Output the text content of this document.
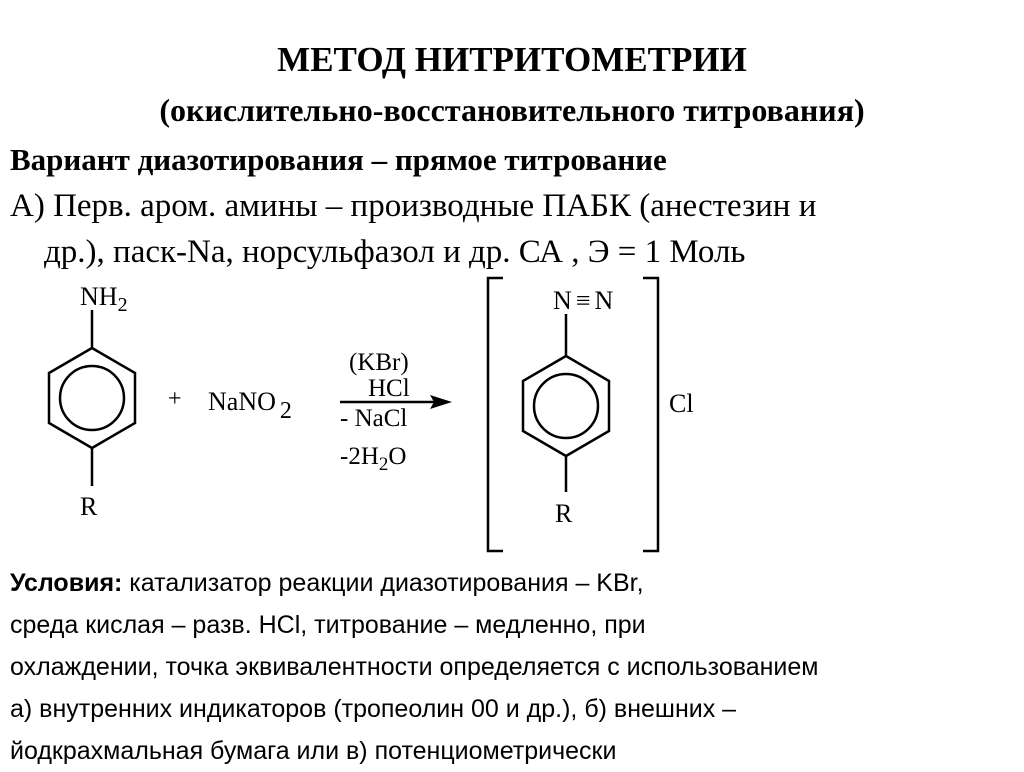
МЕТОД НИТРИТОМЕТРИИ
(окислительно-восстановительного титрования)
Вариант диазотирования – прямое титрование
А) Перв. аром. амины – производные ПАБК (анестезин и
др.), паск-Na, норсульфазол и др. СА , Э = 1 Моль
$NH_2$
R
+ NaNO 2
(KBr)
HCl
- NaCl
$-2H_2O$
N ≡ N
R
Cl
Условия: катализатор реакции диазотирования – KBr,
среда кислая – разв. HCl, титрование – медленно, при
охлаждении, точка эквивалентности определяется с использованием
а) внутренних индикаторов (тропеолин 00 и др.), б) внешних –
йодкрахмальная бумага или в) потенциометрически
